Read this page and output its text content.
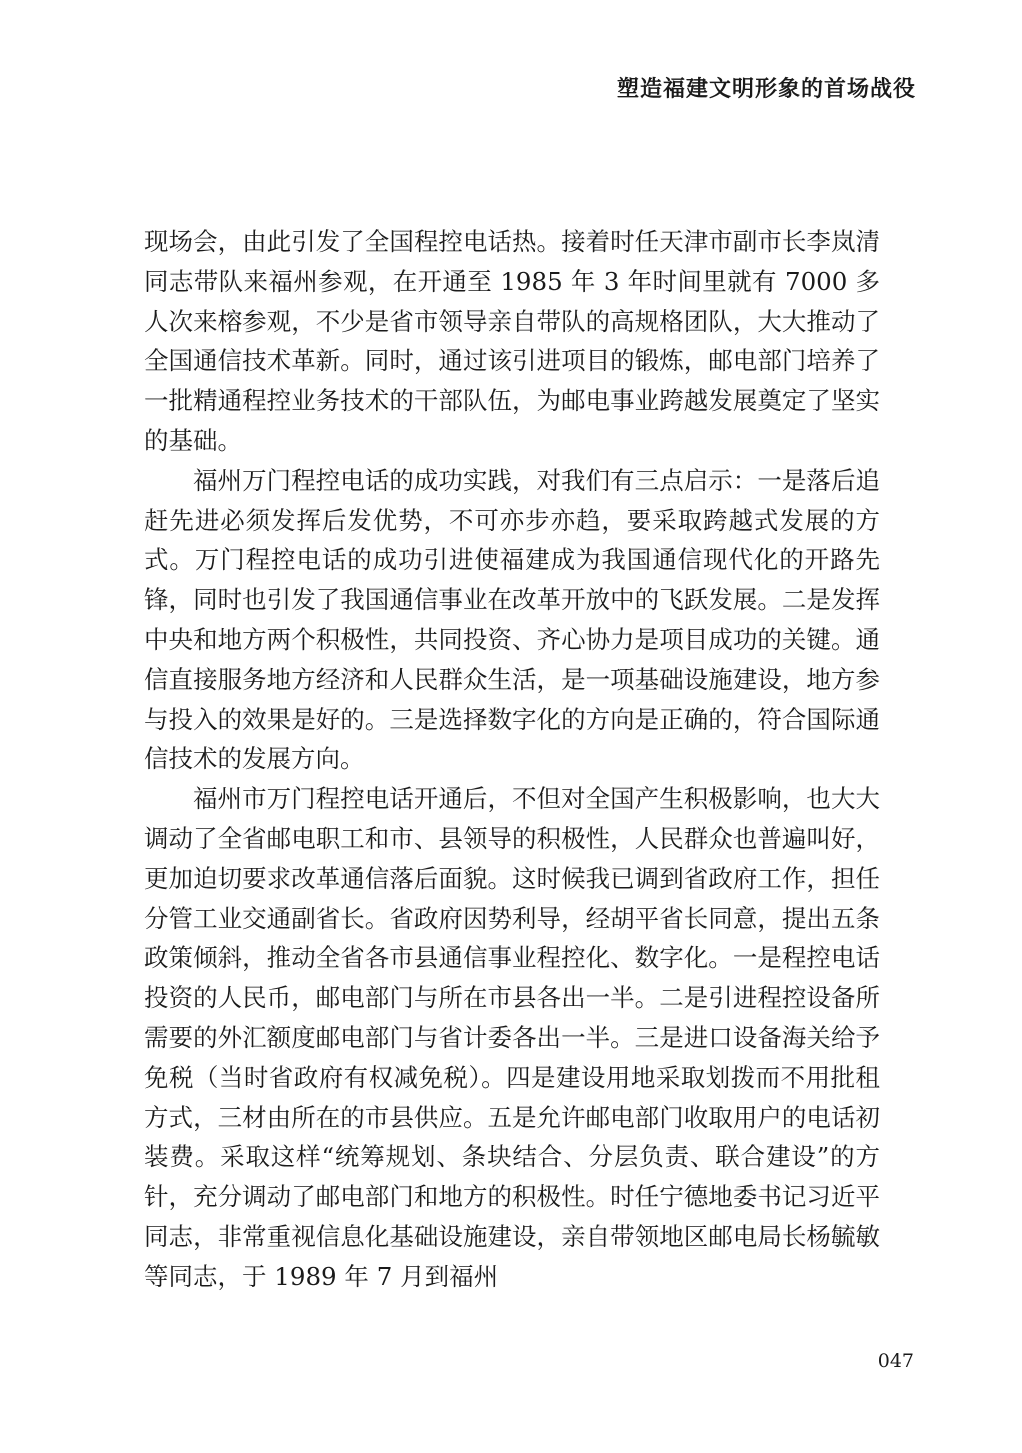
塑造福建文明形象的首场战役

现场会，由此引发了全国程控电话热。接着时任天津市副市长李岚清同志带队来福州参观，在开通至 1985 年 3 年时间里就有 7000 多人次来榕参观，不少是省市领导亲自带队的高规格团队，大大推动了全国通信技术革新。同时，通过该引进项目的锻炼，邮电部门培养了一批精通程控业务技术的干部队伍，为邮电事业跨越发展奠定了坚实的基础。

福州万门程控电话的成功实践，对我们有三点启示：一是落后追赶先进必须发挥后发优势，不可亦步亦趋，要采取跨越式发展的方式。万门程控电话的成功引进使福建成为我国通信现代化的开路先锋，同时也引发了我国通信事业在改革开放中的飞跃发展。二是发挥中央和地方两个积极性，共同投资、齐心协力是项目成功的关键。通信直接服务地方经济和人民群众生活，是一项基础设施建设，地方参与投入的效果是好的。三是选择数字化的方向是正确的，符合国际通信技术的发展方向。

福州市万门程控电话开通后，不但对全国产生积极影响，也大大调动了全省邮电职工和市、县领导的积极性，人民群众也普遍叫好，更加迫切要求改革通信落后面貌。这时候我已调到省政府工作，担任分管工业交通副省长。省政府因势利导，经胡平省长同意，提出五条政策倾斜，推动全省各市县通信事业程控化、数字化。一是程控电话投资的人民币，邮电部门与所在市县各出一半。二是引进程控设备所需要的外汇额度邮电部门与省计委各出一半。三是进口设备海关给予免税（当时省政府有权减免税）。四是建设用地采取划拨而不用批租方式，三材由所在的市县供应。五是允许邮电部门收取用户的电话初装费。采取这样“统筹规划、条块结合、分层负责、联合建设”的方针，充分调动了邮电部门和地方的积极性。时任宁德地委书记习近平同志，非常重视信息化基础设施建设，亲自带领地区邮电局长杨毓敏等同志，于 1989 年 7 月到福州

047
